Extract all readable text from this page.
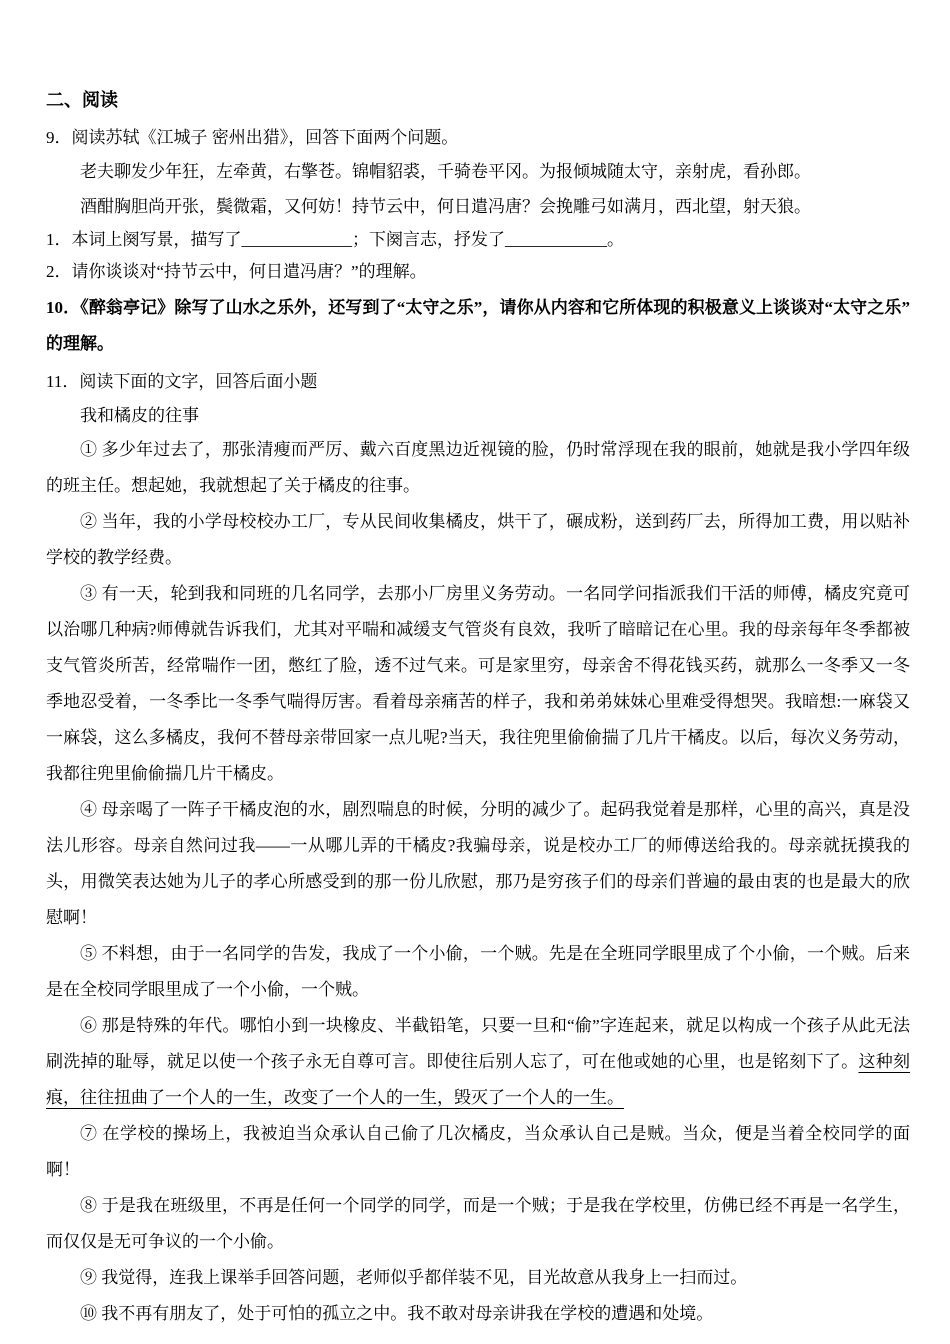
二、阅读

9．阅读苏轼《江城子 密州出猎》，回答下面两个问题。

老夫聊发少年狂，左牵黄，右擎苍。锦帽貂裘，千骑卷平冈。为报倾城随太守，亲射虎，看孙郎。

酒酣胸胆尚开张，鬓微霜，又何妨！持节云中，何日遣冯唐？会挽雕弓如满月，西北望，射天狼。

1．本词上阕写景，描写了_____________；下阕言志，抒发了____________。

2．请你谈谈对“持节云中，何日遣冯唐？”的理解。

10．《醉翁亭记》除写了山水之乐外，还写到了“太守之乐”，请你从内容和它所体现的积极意义上谈谈对“太守之乐”的理解。

11．阅读下面的文字，回答后面小题

我和橘皮的往事

① 多少年过去了，那张清瘦而严厉、戴六百度黑边近视镜的脸，仍时常浮现在我的眼前，她就是我小学四年级的班主任。想起她，我就想起了关于橘皮的往事。

② 当年，我的小学母校校办工厂，专从民间收集橘皮，烘干了，碾成粉，送到药厂去，所得加工费，用以贴补学校的教学经费。

③ 有一天，轮到我和同班的几名同学，去那小厂房里义务劳动。一名同学问指派我们干活的师傅，橘皮究竟可以治哪几种病?师傅就告诉我们，尤其对平喘和减缓支气管炎有良效，我听了暗暗记在心里。我的母亲每年冬季都被支气管炎所苦，经常喘作一团，憋红了脸，透不过气来。可是家里穷，母亲舍不得花钱买药，就那么一冬季又一冬季地忍受着，一冬季比一冬季气喘得厉害。看着母亲痛苦的样子，我和弟弟妹妹心里难受得想哭。我暗想:一麻袋又一麻袋，这么多橘皮，我何不替母亲带回家一点儿呢?当天，我往兜里偷偷揣了几片干橘皮。以后，每次义务劳动，我都往兜里偷偷揣几片干橘皮。

④ 母亲喝了一阵子干橘皮泡的水，剧烈喘息的时候，分明的减少了。起码我觉着是那样，心里的高兴，真是没法儿形容。母亲自然问过我——一从哪儿弄的干橘皮?我骗母亲，说是校办工厂的师傅送给我的。母亲就抚摸我的头，用微笑表达她为儿子的孝心所感受到的那一份儿欣慰，那乃是穷孩子们的母亲们普遍的最由衷的也是最大的欣慰啊！

⑤ 不料想，由于一名同学的告发，我成了一个小偷，一个贼。先是在全班同学眼里成了个小偷，一个贼。后来是在全校同学眼里成了一个小偷，一个贼。

⑥ 那是特殊的年代。哪怕小到一块橡皮、半截铅笔，只要一旦和“偷”字连起来，就足以构成一个孩子从此无法刷洗掉的耻辱，就足以使一个孩子永无自尊可言。即使往后别人忘了，可在他或她的心里，也是铭刻下了。这种刻痕，往往扭曲了一个人的一生，改变了一个人的一生，毁灭了一个人的一生。

⑦ 在学校的操场上，我被迫当众承认自己偷了几次橘皮，当众承认自己是贼。当众，便是当着全校同学的面啊！

⑧ 于是我在班级里，不再是任何一个同学的同学，而是一个贼；于是我在学校里，仿佛已经不再是一名学生，而仅仅是无可争议的一个小偷。

⑨ 我觉得，连我上课举手回答问题，老师似乎都佯装不见，目光故意从我身上一扫而过。

⑩ 我不再有朋友了，处于可怕的孤立之中。我不敢对母亲讲我在学校的遭遇和处境。
